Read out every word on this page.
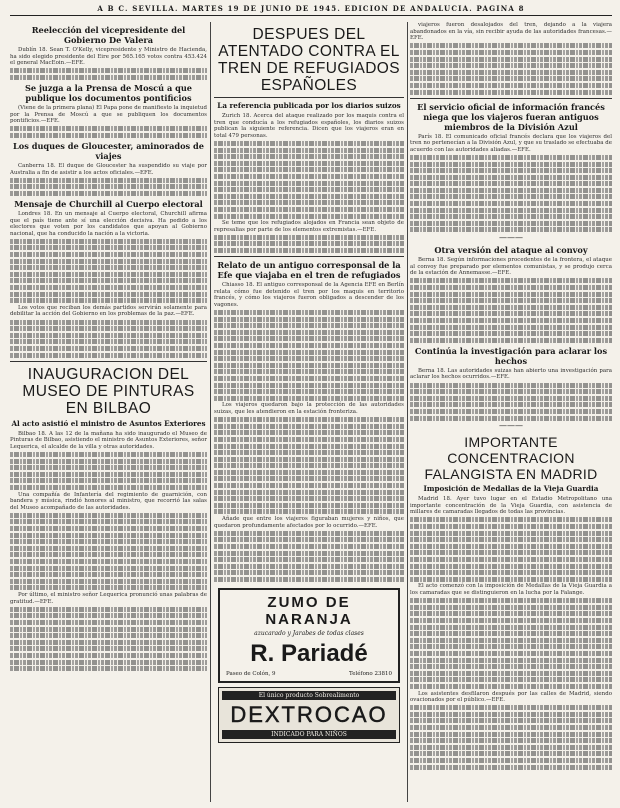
A B C. SEVILLA. MARTES 19 DE JUNIO DE 1945. EDICION DE ANDALUCIA. PAGINA 8
Reelección del vicepresidente del Gobierno De Valera

Dublín 18. Sean T. O'Kelly, vicepresidente y Ministro de Hacienda, ha sido elegido presidente del Eire por 565.165 votos contra 453.424 el general MacEoin.—EFE.

Se juzga a la Prensa de Moscú a que publique los documentos pontificios

(Viene de la primera plana) El Papa pone de manifiesto la inquietud por la Prensa de Moscú a que se publiquen los documentos pontificios.—EFE.

Los duques de Gloucester, aminorados de viajes

Canberra 18. El duque de Gloucester ha suspendido su viaje por Australia a fin de asistir a los actos oficiales.—EFE.

Mensaje de Churchill al Cuerpo electoral

Londres 18. En un mensaje al Cuerpo electoral, Churchill afirma que el país tiene ante sí una elección decisiva. Ha pedido a los electores que voten por los candidatos que apoyan al Gobierno nacional, que ha conducido la nación a la victoria.

Los votos que reciban los demás partidos servirán solamente para debilitar la acción del Gobierno en los problemas de la paz.—EFE.

INAUGURACION DEL MUSEO DE PINTURAS EN BILBAO
Al acto asistió el ministro de Asuntos Exteriores

Bilbao 18. A las 12 de la mañana ha sido inaugurado el Museo de Pinturas de Bilbao, asistiendo el ministro de Asuntos Exteriores, señor Lequerica, el alcalde de la villa y otras autoridades.

Una compañía de Infantería del regimiento de guarnición, con bandera y música, rindió honores al ministro, que recorrió las salas del Museo acompañado de las autoridades.

Por último, el ministro señor Lequerica pronunció unas palabras de gratitud.—EFE.

DESPUES DEL ATENTADO CONTRA EL TREN DE REFUGIADOS ESPAÑOLES
La referencia publicada por los diarios suizos

Zurich 18. Acerca del ataque realizado por los maquis contra el tren que conducía a los refugiados españoles, los diarios suizos publican la siguiente referencia. Dicen que los viajeros eran en total 479 personas.

Se teme que los refugiados alojados en Francia sean objeto de represalias por parte de los elementos extremistas.—EFE.

Relato de un antiguo corresponsal de la Efe que viajaba en el tren de refugiados

Chiasso 18. El antiguo corresponsal de la Agencia EFE en Berlín relata cómo fue detenido el tren por los maquis en territorio francés, y cómo los viajeros fueron obligados a descender de los vagones.

Los viajeros quedaron bajo la protección de las autoridades suizas, que les atendieron en la estación fronteriza.

Añade que entre los viajeros figuraban mujeres y niños, que quedaron profundamente afectados por lo ocurrido.—EFE.

ZUMO DE NARANJA
azucarado y Jarabes de todas clases
R. Pariadé
Paseo de Colón, 9	Teléfono 23810
El único producto Sobrealimento
DEXTROCAO
INDICADO PARA NIÑOS

viajeros fueron desalojados del tren, dejando a la viajera abandonados en la vía, sin recibir ayuda de las autoridades francesas.—EFE.

El servicio oficial de información francés niega que los viajeros fueran antiguos miembros de la División Azul

París 18. El comunicado oficial francés declara que los viajeros del tren no pertenecían a la División Azul, y que su traslado se efectuaba de acuerdo con las autoridades aliadas.—EFE.

———
Otra versión del ataque al convoy

Berna 18. Según informaciones procedentes de la frontera, el ataque al convoy fue preparado por elementos comunistas, y se produjo cerca de la estación de Annemasse.—EFE.

Continúa la investigación para aclarar los hechos

Berna 18. Las autoridades suizas han abierto una investigación para aclarar los hechos ocurridos.—EFE.

———
IMPORTANTE CONCENTRACION FALANGISTA EN MADRID
Imposición de Medallas de la Vieja Guardia

Madrid 18. Ayer tuvo lugar en el Estadio Metropolitano una importante concentración de la Vieja Guardia, con asistencia de millares de camaradas llegados de todas las provincias.

El acto comenzó con la imposición de Medallas de la Vieja Guardia a los camaradas que se distinguieron en la lucha por la Falange.

Los asistentes desfilaron después por las calles de Madrid, siendo ovacionados por el público.—EFE.
